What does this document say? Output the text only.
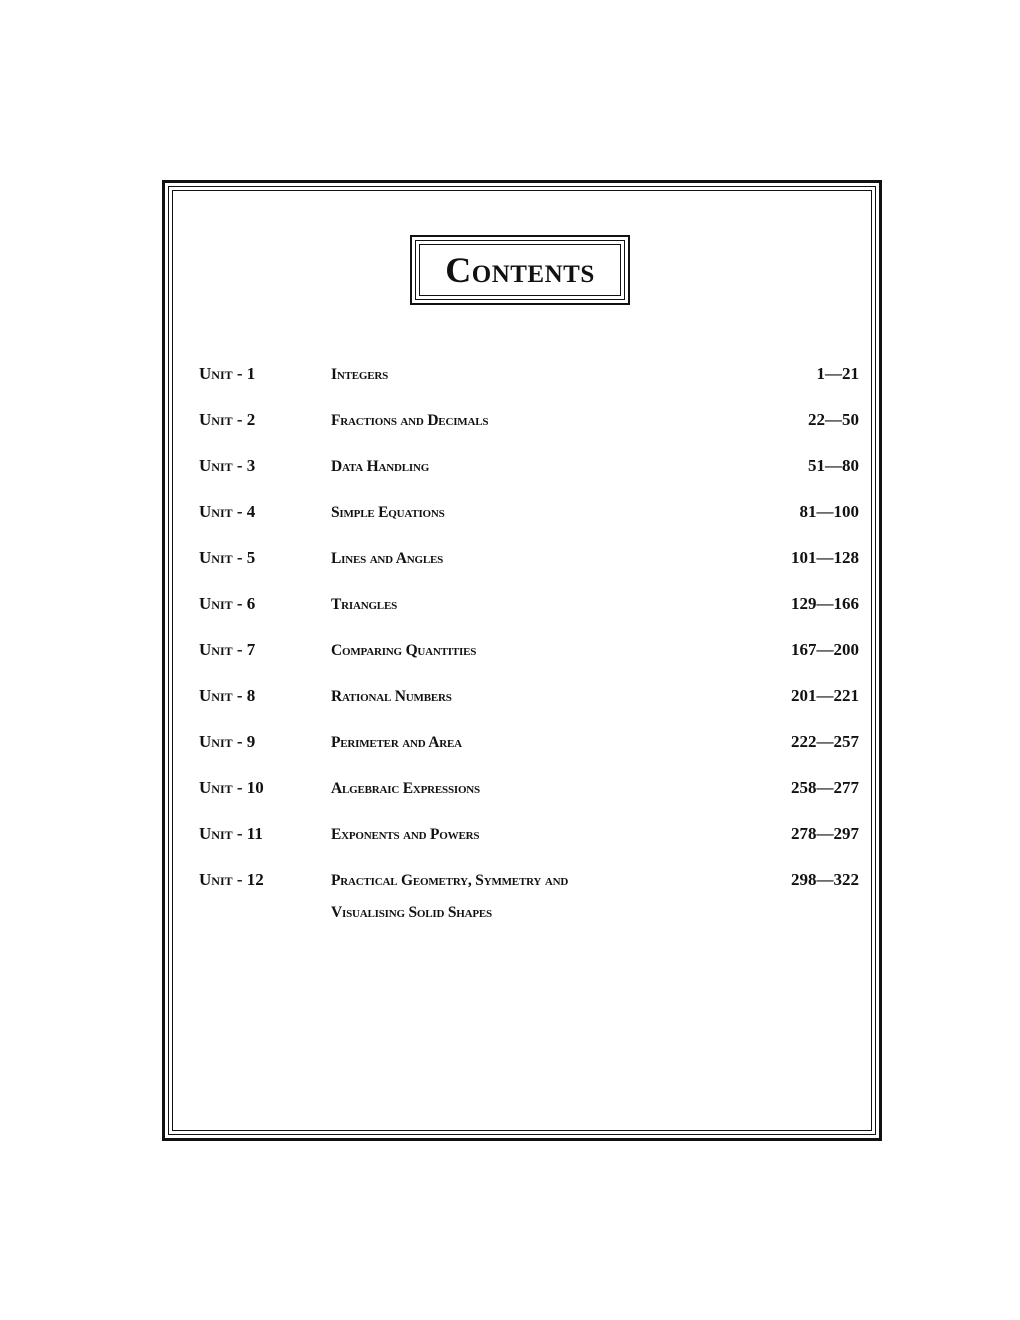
Contents
Unit - 1	Integers	1—21
Unit - 2	Fractions and Decimals	22—50
Unit - 3	Data Handling	51—80
Unit - 4	Simple Equations	81—100
Unit - 5	Lines and Angles	101—128
Unit - 6	Triangles	129—166
Unit - 7	Comparing Quantities	167—200
Unit - 8	Rational Numbers	201—221
Unit - 9	Perimeter and Area	222—257
Unit - 10	Algebraic Expressions	258—277
Unit - 11	Exponents and Powers	278—297
Unit - 12	Practical Geometry, Symmetry and	298—322
Visualising Solid Shapes
